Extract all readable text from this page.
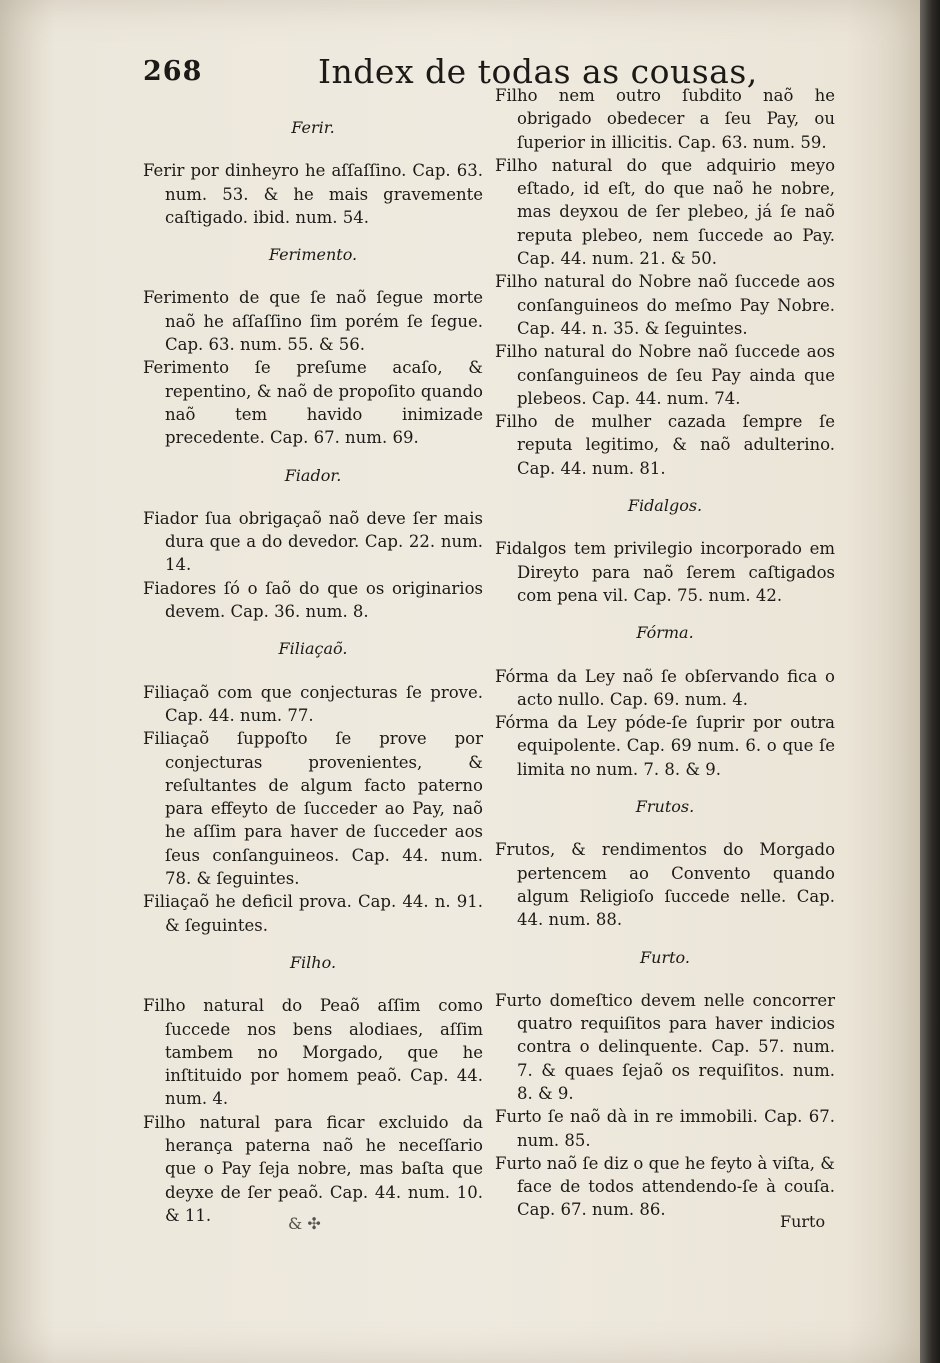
268	Index de todas as cousas,
Ferir.
Ferir por dinheyro he aſſaſſino. Cap. 63. num. 53. & he mais gravemente caſtigado. ibid. num. 54.
Ferimento.
Ferimento de que ſe naõ ſegue morte naõ he aſſaſſino ſim porém ſe ſegue. Cap. 63. num. 55. & 56.
Ferimento ſe preſume acaſo, & repentino, & naõ de propoſito quando naõ tem havido inimizade precedente. Cap. 67. num. 69.
Fiador.
Fiador ſua obrigaçaõ naõ deve ſer mais dura que a do devedor. Cap. 22. num. 14.
Fiadores ſó o ſaõ do que os originarios devem. Cap. 36. num. 8.
Filiaçaõ.
Filiaçaõ com que conjecturas ſe prove. Cap. 44. num. 77.
Filiaçaõ ſuppoſto ſe prove por conjecturas provenientes, & reſultantes de algum facto paterno para effeyto de ſucceder ao Pay, naõ he aſſim para haver de ſucceder aos ſeus conſanguineos. Cap. 44. num. 78. & ſeguintes.
Filiaçaõ he deficil prova. Cap. 44. n. 91. & ſeguintes.
Filho.
Filho natural do Peaõ aſſim como ſuccede nos bens alodiaes, aſſim tambem no Morgado, que he inſtituido por homem peaõ. Cap. 44. num. 4.
Filho natural para ficar excluido da herança paterna naõ he neceſſario que o Pay ſeja nobre, mas baſta que deyxe de ſer peaõ. Cap. 44. num. 10. & 11.
Filho nem outro ſubdito naõ he obrigado obedecer a ſeu Pay, ou ſuperior in illicitis. Cap. 63. num. 59.
Filho natural do que adquirio meyo eſtado, id eſt, do que naõ he nobre, mas deyxou de ſer plebeo, já ſe naõ reputa plebeo, nem ſuccede ao Pay. Cap. 44. num. 21. & 50.
Filho natural do Nobre naõ ſuccede aos conſanguineos do meſmo Pay Nobre. Cap. 44. n. 35. & ſeguintes.
Filho natural do Nobre naõ ſuccede aos conſanguineos de ſeu Pay ainda que plebeos. Cap. 44. num. 74.
Filho de mulher cazada ſempre ſe reputa legitimo, & naõ adulterino. Cap. 44. num. 81.
Fidalgos.
Fidalgos tem privilegio incorporado em Direyto para naõ ſerem caſtigados com pena vil. Cap. 75. num. 42.
Fórma.
Fórma da Ley naõ ſe obſervando fica o acto nullo. Cap. 69. num. 4.
Fórma da Ley póde-ſe ſuprir por outra equipolente. Cap. 69 num. 6. o que ſe limita no num. 7. 8. & 9.
Frutos.
Frutos, & rendimentos do Morgado pertencem ao Convento quando algum Religioſo ſuccede nelle. Cap. 44. num. 88.
Furto.
Furto domeſtico devem nelle concorrer quatro requiſitos para haver indicios contra o delinquente. Cap. 57. num. 7. & quaes ſejaõ os requiſitos. num. 8. & 9.
Furto ſe naõ dà in re immobili. Cap. 67. num. 85.
Furto naõ ſe diz o que he feyto à viſta, & face de todos attendendo-ſe à couſa. Cap. 67. num. 86.
& ✣	Furto
